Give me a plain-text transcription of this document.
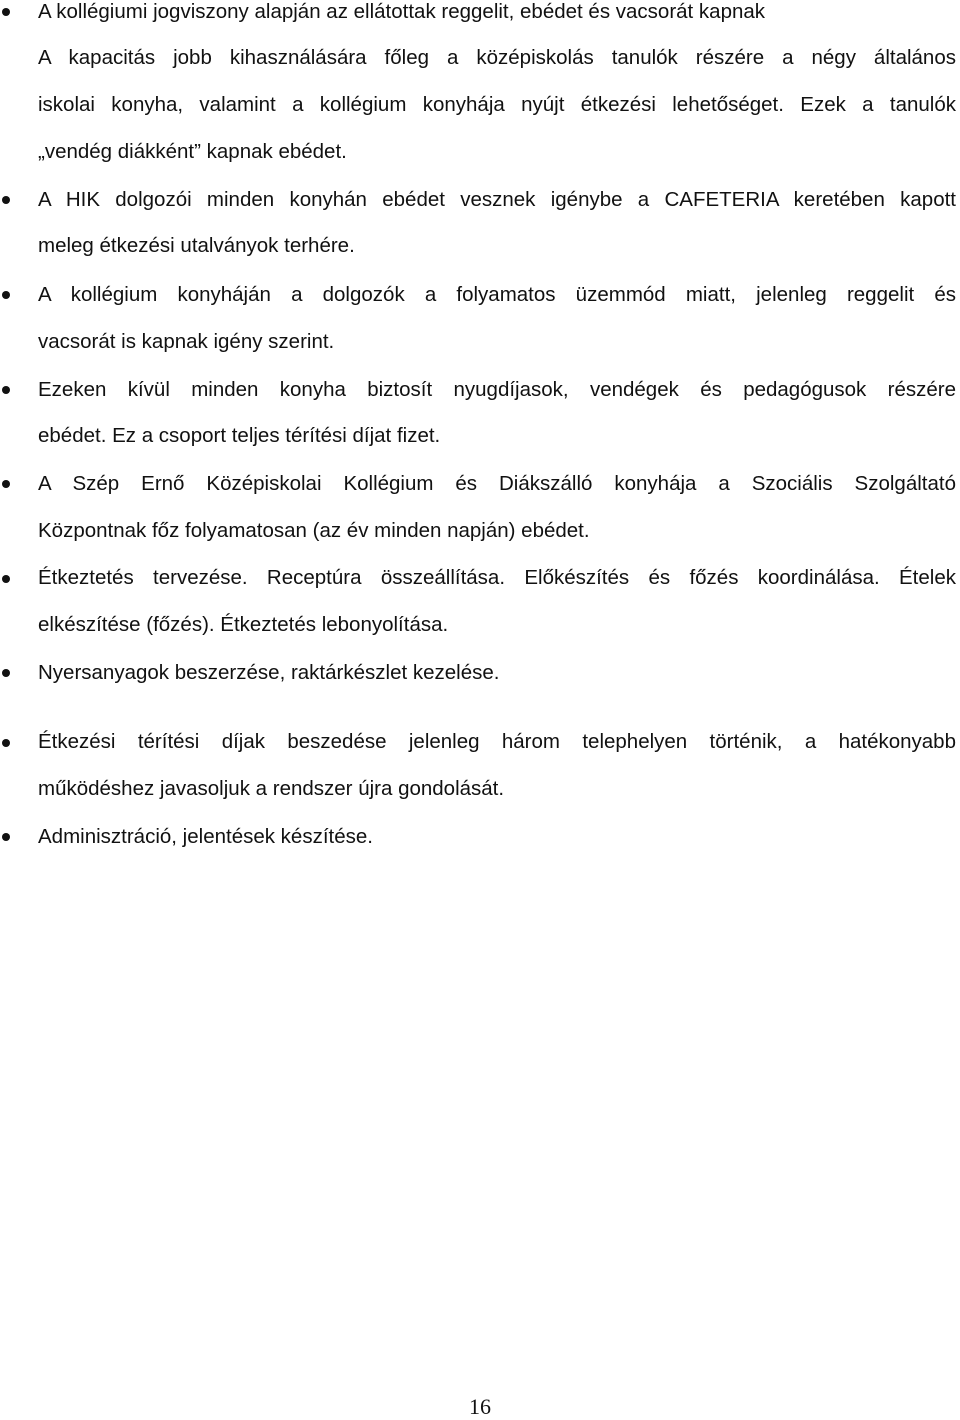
A kollégiumi jogviszony alapján az ellátottak reggelit, ebédet és vacsorát kapnak
A kapacitás jobb kihasználására főleg a középiskolás tanulók részére a négy általános
iskolai konyha, valamint a kollégium konyhája nyújt étkezési lehetőséget. Ezek a tanulók
„vendég diákként” kapnak ebédet.
A HIK dolgozói minden konyhán ebédet vesznek igénybe a CAFETERIA keretében kapott
meleg étkezési utalványok terhére.
A kollégium konyháján a dolgozók a folyamatos üzemmód miatt, jelenleg reggelit és
vacsorát is kapnak igény szerint.
Ezeken kívül minden konyha biztosít nyugdíjasok, vendégek és pedagógusok részére
ebédet. Ez a csoport teljes térítési díjat fizet.
A Szép Ernő Középiskolai Kollégium és Diákszálló konyhája a Szociális Szolgáltató
Központnak főz folyamatosan (az év minden napján) ebédet.
Étkeztetés tervezése. Receptúra összeállítása. Előkészítés és főzés koordinálása. Ételek
elkészítése (főzés). Étkeztetés lebonyolítása.
Nyersanyagok beszerzése, raktárkészlet kezelése.
Étkezési térítési díjak beszedése jelenleg három telephelyen történik, a hatékonyabb
működéshez javasoljuk a rendszer újra gondolását.
Adminisztráció, jelentések készítése.
16
